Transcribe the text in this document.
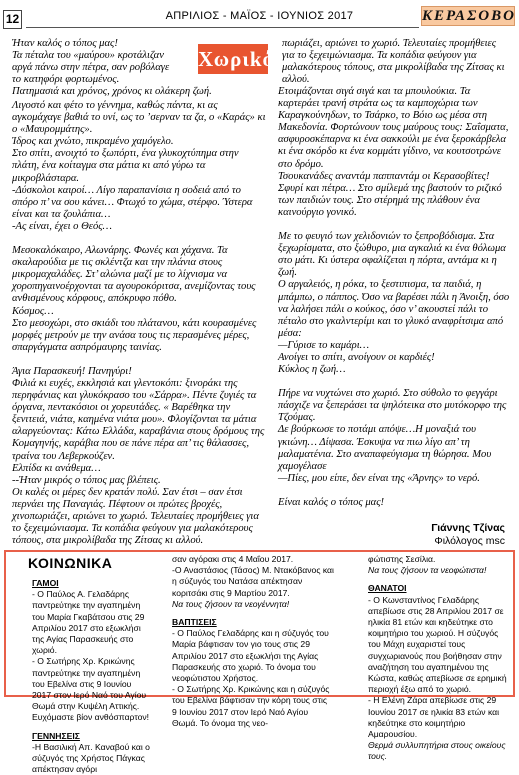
12	ΑΠΡΙΛΙΟΣ - ΜΑΪΟΣ - ΙΟΥΝΙΟΣ 2017	ΚΕΡΑΣΟΒΟ
Χωριkό

Ήταν καλός ο τόπος μας!

Τα πέταλα του «μαύρου» κροτάλιζαν

αργά πάνω στην πέτρα, σαν ροβόλαγε

το κατηφόρι φορτωμένος.

Πατημασιά και χρόνος, χρόνος κι ολάκερη ζωή.

Λιγοστό και φέτο το γέννημα, καθώς πάντα, κι ας αγκομάχαγε βαθιά το υνί, ως το ’σερναν τα ζα, ο «Καράς» κι ο «Μαυρομμάτης».

Ίδρος και χνώτο, πικραμένο χαμόγελο.

Στο σπίτι, ανοιχτό το ξωπόρτι, ένα γλυκοχτύπημα στην πλάτη, ένα κοίταγμα στα μάτια κι από γύρω τα μικροβλάσταρα.

-Δύσκολοι καιροί… Λίγο παραπανίσια η σοδειά από το σπόρο π’ να σου κάνει… Φτωχό το χώμα, στέρφο. Ύστερα είναι και τα ζουλάπια…

-Ας είναι, έχει ο Θεός…

Μεσοκαλόκαιρο, Αλωνάρης. Φωνές και χάχανα. Τα σκαλαρούδια με τις σκλέντζα και την πλάνια στους μικρομαχαλάδες. Στ’ αλώνια μαζί με το λίχνισμα να χοροπηγαινοέρχονται τα αγουροκόριτσα, ανεμίζοντας τους ανθισμένους κόρφους, απόκρυφο πόθο.

Κόσμος…

Στο μεσοχώρι, στο σκιάδι του πλάτανου, κάτι κουρασμένες μορφές μετρούν με την ανάσα τους τις περασμένες μέρες, σπαργάγματα ασπρόμαυρης ταινίας.

Άγια Παρασκευή! Πανηγύρι!

Φιλιά κι ευχές, εκκλησιά και γλεντοκόπι: ξινοράκι της περηφάνιας και γλυκόκρασο του «Σάρρα». Πέντε ζυγιές τα όργανα, πεντακόσιοι οι χορευτάδες. « Βαρέθηκα την ξενιτειά, νιάτα, καημένα νιάτα μου». Φλογίζονται τα μάτια αλαργεύοντας: Κάτω Ελλάδα, καραβάνια στους δρόμους της Κομαγηνής, καράβια που σε πάνε πέρα απ’ τις θάλασσες, τραίνα του Λεβερκούζεν.

Ελπίδα κι ανάθεμα…

--Ήταν μικρός ο τόπος μας βλέπεις.

Οι καλές οι μέρες δεν κρατάν πολύ. Σαν έτσι – σαν έτσι περνάει της Παναγιάς. Πέφτουν οι πρώτες βροχές, χινοπωριάζει, αριώνει το χωριό. Τελευταίες προμήθειες για το ξεχειμώνιασμα. Τα κοπάδια φεύγουν για μαλακότερους τόπους, στα μικρολίβαδα της Ζίτσας κι αλλού.

Ετοιμάζονται σιγά σιγά και τα μπουλούκια. Τα καρτεράει τρανή στράτα ως τα καμποχώρια των Καραγκούνηδων, το Τσάρκο, το Βόιο ως μέσα στη Μακεδονία. Φορτώνουν τους μαύρους τους: Σαΐσματα, ασφυροσκέπαρνα κι ένα σακκούλι με ένα ξεροκάρβελα κι ένα σκόρδο κι ένα κομμάτι γίδινο, να κουτσοτρώνε στο δρόμο.

Τσουκανάδες αναντάμ παππαντάμ οι Κερασοβίτες! Σφυρί και πέτρα… Στο σμίλεμά της βαστούν το ριζικό των παιδιών τους. Στο στέρημά της πλάθουν ένα καινούργιο γονικό.

Με το φευγιό των χελιδονιών το ξεπροβόδισμα. Στα ξεχωρίσματα, στο ξώθυρο, μια αγκαλιά κι ένα θόλωμα στο μάτι. Κι ύστερα σφαλίζεται η πόρτα, αντάμα κι η ζωή.

Ο αργαλειός, η ρόκα, το ξεστιπισμα, τα παιδιά, η μπάμπω, ο πάππος. Όσο να βαρέσει πάλι η Άνοιξη, όσο να λαλήσει πάλι ο κούκος, όσο ν’ ακουστεί πάλι το πέταλο στο γκαλντερίμι και το γλυκό αναφρίτσιμα από μέσα:

—Γύρισε το καμάρι…

Ανοίγει το σπίτι, ανοίγουν οι καρδιές!

Κύκλος η ζωή…

Πήρε να νυχτώνει στο χωριό. Στο σύθολο το φεγγάρι πάσχιζε να ξεπεράσει τα ψηλότεικα στο μυτόκορφο της Τζούμας.

Δε βούρκωσε το ποτάμι απόψε…Η μοναξιά του γκιώνη… Δίψασα. Έσκυψα να πιω λίγο απ’ τη μαλαματένια. Στο αναπαφεύγισμα τη θώρησα. Μου χαμογέλασε

—Πίες, μου είπε, δεν είναι της «Άρνης» το νερό.

Είναι καλός ο τόπος μας!

πωριάζει, αριώνει το χωριό. Τελευταίες προμήθειες για το ξεχειμώνιασμα. Τα κοπάδια φεύγουν για μαλακότερους τόπους, στα μικρολίβαδα της Ζίτσας κι αλλού.

Γιάννης Τζίνας
Φιλόλογος msc
ΚΟΙΝΩΝΙΚΑ
ΓΑΜΟΙ
- Ο Παύλος Α. Γελαδάρης παντρεύτηκε την αγαπημένη του Μαρία Γκαβάτσου στις 29 Απριλίου 2017 στο εξωκλήσι της Αγίας Παρασκευής στο χωριό.
- Ο Σωτήρης Χρ. Κρικώνης παντρεύτηκε την αγαπημένη του Εβελίνα στις 9 Ιουνίου 2017 στον Ιερό Ναό του Αγίου Θωμά στην Κυψέλη Αττικής. Ευχόμαστε βίον ανθόσπαρτον!
ΓΕΝΝΗΣΕΙΣ
-Η Βασιλική Απ. Καναβού και ο σύζυγός της Χρήστος Πάγκας απέκτησαν αγόρι
σαν αγόρακι στις 4 Μαΐου 2017.
-Ο Αναστάσιος (Τάσος) Μ. Ντακόβανος και η σύζυγός του Νατάσα απέκτησαν κοριτσάκι στις 9 Μαρτίου 2017.
Να τους ζήσουν τα νεογέννητα!
ΒΑΠΤΙΣΕΙΣ
- Ο Παύλος Γελαδάρης και η σύζυγός του Μαρία βάφτισαν τον γιο τους στις 29 Απριλίου 2017 στο εξωκλήσι της Αγίας Παρασκευής στο χωριό. Το όνομα του νεοφώτιστου Χρήστος.
- Ο Σωτήρης Χρ. Κρικώνης και η σύζυγός του Εβελίνα βάφτισαν την κόρη τους στις 9 Ιουνίου 2017 στον Ιερό Ναό Αγίου Θωμά. Το όνομα της νεο-
φώτιστης Σεσίλια.
Να τους ζήσουν τα νεοφώτιστα!
ΘΑΝΑΤΟΙ
- Ο Κωνσταντίνος Γελαδάρης απεβίωσε στις 28 Απριλίου 2017 σε ηλικία 81 ετών και κηδεύτηκε στο κοιμητήριο του χωριού. Η σύζυγός του Μάχη ευχαριστεί τους συγχωριανούς που βοήθησαν στην αναζήτηση του αγαπημένου της Κώστα, καθώς απεβίωσε σε ερημική περιοχή έξω από το χωριό.
- Η Ελένη Ζάρα απεβίωσε στις 29 Ιουνίου 2017 σε ηλικία 83 ετών και κηδεύτηκε στο κοιμητήριο Αμαρουσίου.
Θερμά συλλυπητήρια στους οικείους τους.
